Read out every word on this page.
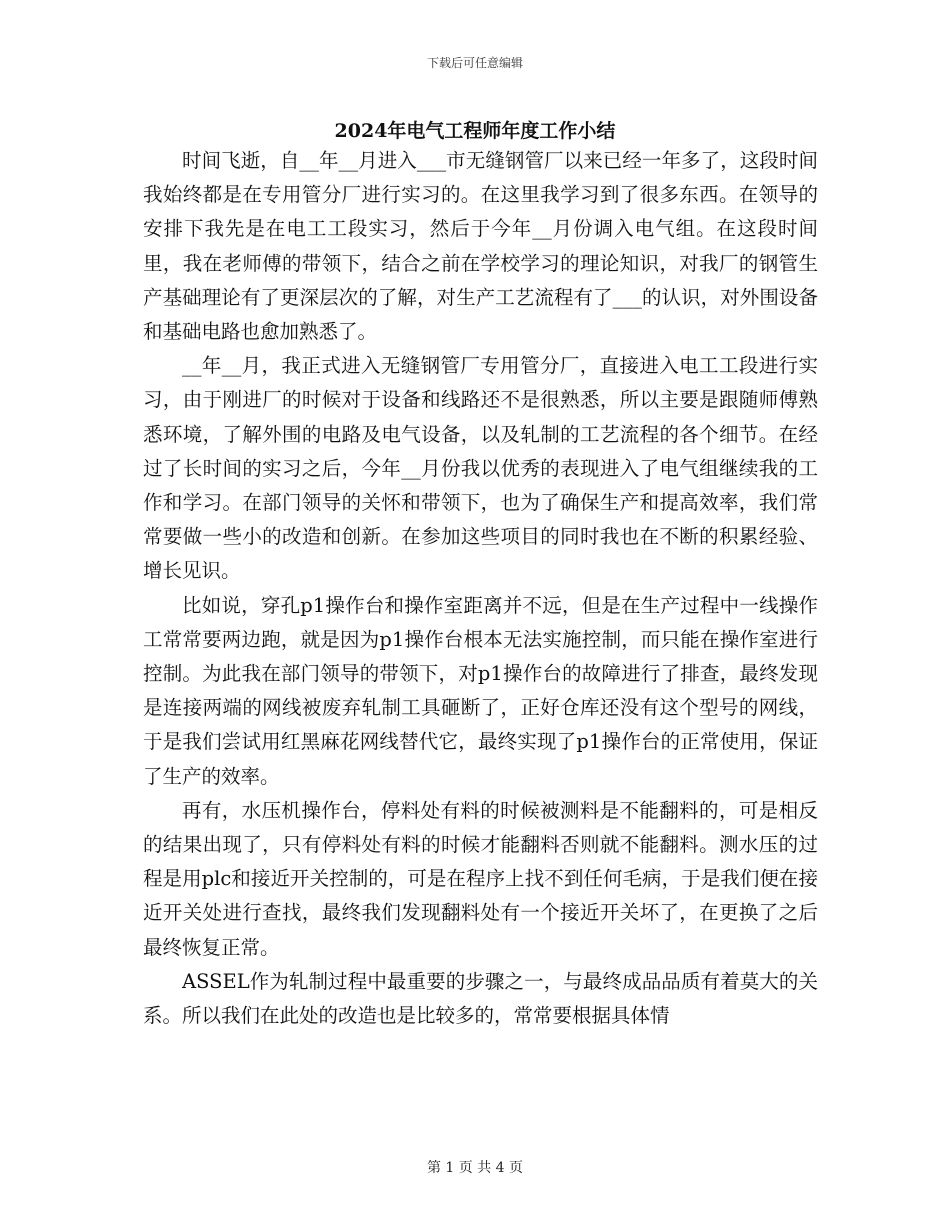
下载后可任意编辑
2024年电气工程师年度工作小结

时间飞逝，自__年__月进入___市无缝钢管厂以来已经一年多了，这段时间我始终都是在专用管分厂进行实习的。在这里我学习到了很多东西。在领导的安排下我先是在电工工段实习，然后于今年__月份调入电气组。在这段时间里，我在老师傅的带领下，结合之前在学校学习的理论知识，对我厂的钢管生产基础理论有了更深层次的了解，对生产工艺流程有了___的认识，对外围设备和基础电路也愈加熟悉了。

__年__月，我正式进入无缝钢管厂专用管分厂，直接进入电工工段进行实习，由于刚进厂的时候对于设备和线路还不是很熟悉，所以主要是跟随师傅熟悉环境，了解外围的电路及电气设备，以及轧制的工艺流程的各个细节。在经过了长时间的实习之后，今年__月份我以优秀的表现进入了电气组继续我的工作和学习。在部门领导的关怀和带领下，也为了确保生产和提高效率，我们常常要做一些小的改造和创新。在参加这些项目的同时我也在不断的积累经验、增长见识。

比如说，穿孔p1操作台和操作室距离并不远，但是在生产过程中一线操作工常常要两边跑，就是因为p1操作台根本无法实施控制，而只能在操作室进行控制。为此我在部门领导的带领下，对p1操作台的故障进行了排查，最终发现是连接两端的网线被废弃轧制工具砸断了，正好仓库还没有这个型号的网线，于是我们尝试用红黑麻花网线替代它，最终实现了p1操作台的正常使用，保证了生产的效率。

再有，水压机操作台，停料处有料的时候被测料是不能翻料的，可是相反的结果出现了，只有停料处有料的时候才能翻料否则就不能翻料。测水压的过程是用plc和接近开关控制的，可是在程序上找不到任何毛病，于是我们便在接近开关处进行查找，最终我们发现翻料处有一个接近开关坏了，在更换了之后最终恢复正常。

ASSEL作为轧制过程中最重要的步骤之一，与最终成品品质有着莫大的关系。所以我们在此处的改造也是比较多的，常常要根据具体情

第 1 页 共 4 页
